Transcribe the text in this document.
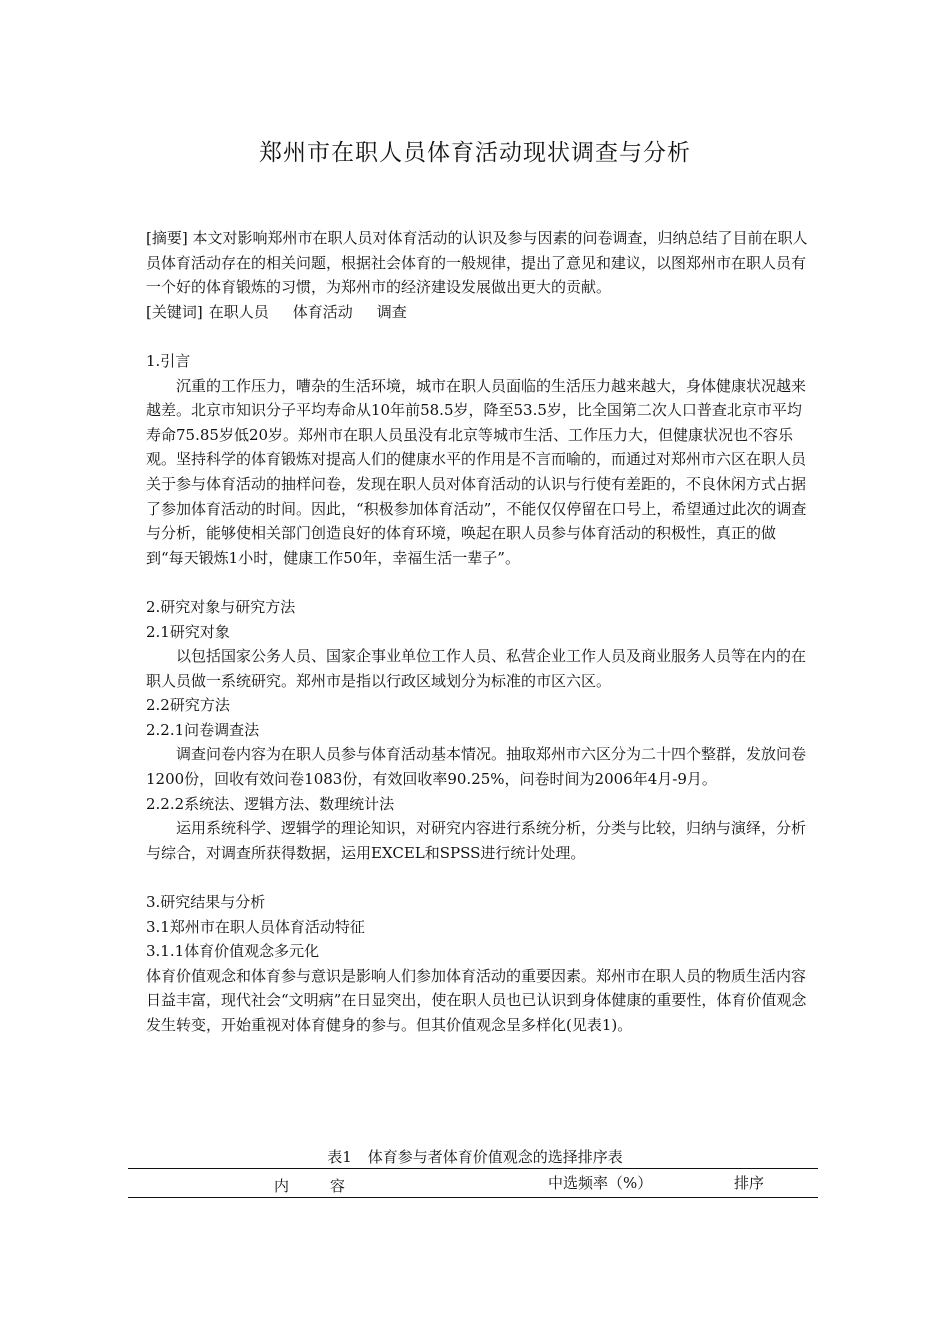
郑州市在职人员体育活动现状调查与分析

[摘要] 本文对影响郑州市在职人员对体育活动的认识及参与因素的问卷调查，归纳总结了目前在职人员体育活动存在的相关问题，根据社会体育的一般规律，提出了意见和建议，以图郑州市在职人员有一个好的体育锻炼的习惯，为郑州市的经济建设发展做出更大的贡献。

[关键词] 在职人员 体育活动 调查

1.引言

沉重的工作压力，嘈杂的生活环境，城市在职人员面临的生活压力越来越大，身体健康状况越来越差。北京市知识分子平均寿命从10年前58.5岁，降至53.5岁，比全国第二次人口普查北京市平均寿命75.85岁低20岁。郑州市在职人员虽没有北京等城市生活、工作压力大，但健康状况也不容乐观。坚持科学的体育锻炼对提高人们的健康水平的作用是不言而喻的，而通过对郑州市六区在职人员关于参与体育活动的抽样问卷，发现在职人员对体育活动的认识与行使有差距的，不良休闲方式占据了参加体育活动的时间。因此，“积极参加体育活动”，不能仅仅停留在口号上，希望通过此次的调查与分析，能够使相关部门创造良好的体育环境，唤起在职人员参与体育活动的积极性，真正的做到“每天锻炼1小时，健康工作50年，幸福生活一辈子”。

2.研究对象与研究方法

2.1研究对象

以包括国家公务人员、国家企事业单位工作人员、私营企业工作人员及商业服务人员等在内的在职人员做一系统研究。郑州市是指以行政区域划分为标准的市区六区。

2.2研究方法

2.2.1问卷调查法

调查问卷内容为在职人员参与体育活动基本情况。抽取郑州市六区分为二十四个整群，发放问卷1200份，回收有效问卷1083份，有效回收率90.25%，问卷时间为2006年4月-9月。

2.2.2系统法、逻辑方法、数理统计法

运用系统科学、逻辑学的理论知识，对研究内容进行系统分析，分类与比较，归纳与演绎，分析与综合，对调查所获得数据，运用EXCEL和SPSS进行统计处理。

3.研究结果与分析

3.1郑州市在职人员体育活动特征

3.1.1体育价值观念多元化

体育价值观念和体育参与意识是影响人们参加体育活动的重要因素。郑州市在职人员的物质生活内容日益丰富，现代社会“文明病”在日显突出，使在职人员也已认识到身体健康的重要性，体育价值观念发生转变，开始重视对体育健身的参与。但其价值观念呈多样化(见表1)。

表1 体育参与者体育价值观念的选择排序表
内	容	中选频率（%）	排序
